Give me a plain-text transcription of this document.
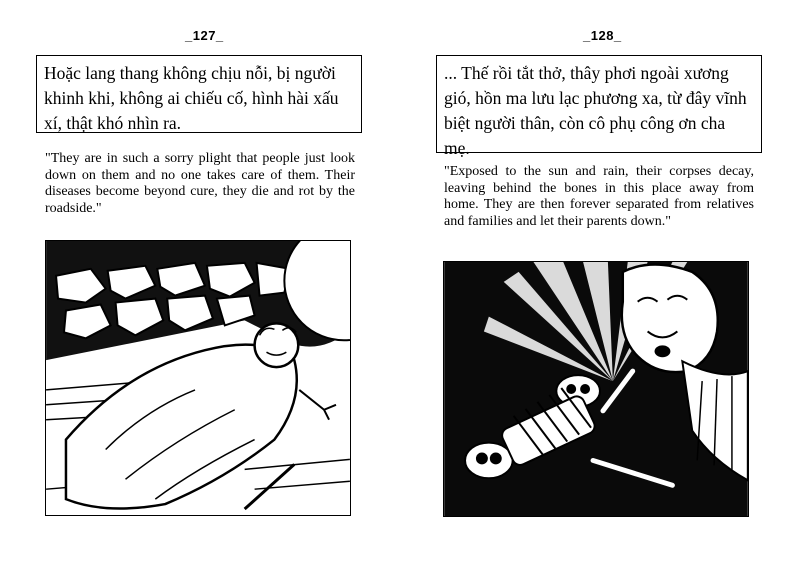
_127_
Hoặc lang thang không chịu nỗi, bị người khinh khi, không ai chiếu cố, hình hài xấu xí, thật khó nhìn ra.
"They are in such a sorry plight that people just look down on them and no one takes care of them. Their diseases become beyond cure, they die and rot by the roadside."
_128_
... Thế rồi tắt thở, thây phơi ngoài xương gió, hồn ma lưu lạc phương xa, từ đây vĩnh biệt người thân, còn cô phụ công ơn cha mẹ.
"Exposed to the sun and rain, their corpses decay, leaving behind the bones in this place away from home. They are then forever separated from relatives and families and let their parents down."
